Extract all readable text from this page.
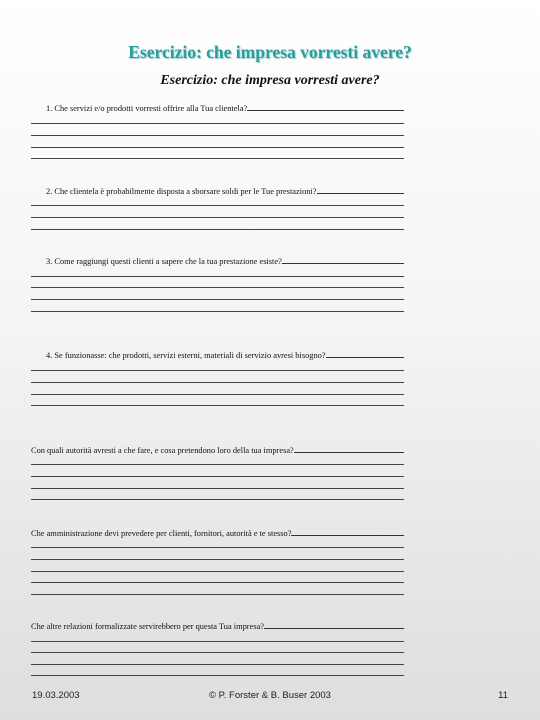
Esercizio: che impresa vorresti avere?
Esercizio: che impresa vorresti avere?
1. Che servizi e/o prodotti vorresti offrire alla Tua clientela?
2. Che clientela è probabilmente disposta a sborsare soldi per le Tue prestazioni?
3. Come raggiungi questi clienti a sapere che la tua prestazione esiste?
4. Se funzionasse: che prodotti, servizi esterni, materiali di servizio avresi bisogno?
Con quali autorità avresti a che fare, e cosa pretendono loro della tua impresa?
Che amministrazione devi prevedere per clienti, fornitori, autorità e te stesso?
Che altre relazioni formalizzate servirebbero per questa Tua impresa?
19.03.2003	© P. Forster & B. Buser 2003	11
